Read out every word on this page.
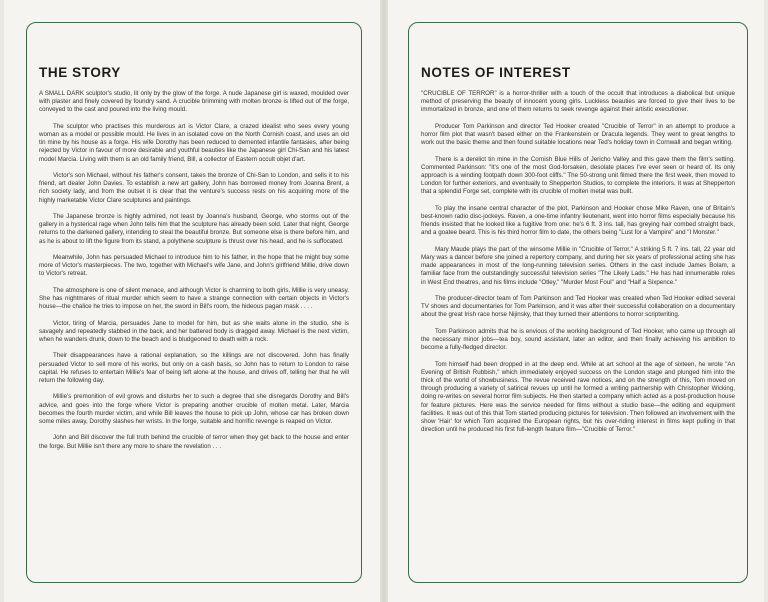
THE STORY

A SMALL DARK sculptor's studio, lit only by the glow of the forge. A nude Japanese girl is waxed, moulded over with plaster and finely covered by foundry sand. A crucible brimming with molten bronze is lifted out of the forge, conveyed to the cast and poured into the living mould.

The sculptor who practises this murderous art is Victor Clare, a crazed idealist who sees every young woman as a model or possible mould. He lives in an isolated cove on the North Cornish coast, and uses an old tin mine by his house as a forge. His wife Dorothy has been reduced to demented infantile fantasies, after being rejected by Victor in favour of more desirable and youthful beauties like the Japanese girl Chi-San and his latest model Marcia. Living with them is an old family friend, Bill, a collector of Eastern occult objet d'art.

Victor's son Michael, without his father's consent, takes the bronze of Chi-San to London, and sells it to his friend, art dealer John Davies. To establish a new art gallery, John has borrowed money from Joanna Brent, a rich society lady, and from the outset it is clear that the venture's success rests on his acquiring more of the highly marketable Victor Clare sculptures and paintings.

The Japanese bronze is highly admired, not least by Joanna's husband, George, who storms out of the gallery in a hysterical rage when John tells him that the sculpture has already been sold. Later that night, George returns to the darkened gallery, intending to steal the beautiful bronze. But someone else is there before him, and as he is about to lift the figure from its stand, a polythene sculpture is thrust over his head, and he is suffocated.

Meanwhile, John has persuaded Michael to introduce him to his father, in the hope that he might buy some more of Victor's masterpieces. The two, together with Michael's wife Jane, and John's girlfriend Millie, drive down to Victor's retreat.

The atmosphere is one of silent menace, and although Victor is charming to both girls, Millie is very uneasy. She has nightmares of ritual murder which seem to have a strange connection with certain objects in Victor's house—the chalice he tries to impose on her, the sword in Bill's room, the hideous pagan mask . . . .

Victor, tiring of Marcia, persuades Jane to model for him, but as she waits alone in the studio, she is savagely and repeatedly stabbed in the back, and her battered body is dragged away. Michael is the next victim, when he wanders drunk, down to the beach and is bludgeoned to death with a rock.

Their disappearances have a rational explanation, so the killings are not discovered. John has finally persuaded Victor to sell more of his works, but only on a cash basis, so John has to return to London to raise capital. He refuses to entertain Millie's fear of being left alone at the house, and drives off, telling her that he will return the following day.

Millie's premonition of evil grows and disturbs her to such a degree that she disregards Dorothy and Bill's advice, and goes into the forge where Victor is preparing another crucible of molten metal. Later, Marcia becomes the fourth murder victim, and while Bill leaves the house to pick up John, whose car has broken down some miles away, Dorothy slashes her wrists. In the forge, suitable and horrific revenge is reaped on Victor.

John and Bill discover the full truth behind the crucible of terror when they get back to the house and enter the forge. But Millie isn't there any more to share the revelation . . .

NOTES OF INTEREST

"CRUCIBLE OF TERROR" is a horror-thriller with a touch of the occult that introduces a diabolical but unique method of preserving the beauty of innocent young girls. Luckless beauties are forced to give their lives to be immortalized in bronze, and one of them returns to seek revenge against their artistic executioner.

Producer Tom Parkinson and director Ted Hooker created "Crucible of Terror" in an attempt to produce a horror film plot that wasn't based either on the Frankenstein or Dracula legends. They went to great lengths to work out the basic theme and then found suitable locations near Ted's holiday town in Cornwall and began writing.

There is a derelict tin mine in the Cornish Blue Hills of Jericho Valley and this gave them the film's setting. Commented Parkinson: "It's one of the most God-forsaken, desolate places I've ever seen or heard of. Its only approach is a winding footpath down 300-foot cliffs." The 50-strong unit filmed there the first week, then moved to London for further exteriors, and eventually to Shepperton Studios, to complete the interiors. It was at Shepperton that a splendid Forge set, complete with its crucible of molten metal was built.

To play the insane central character of the plot, Parkinson and Hooker chose Mike Raven, one of Britain's best-known radio disc-jockeys. Raven, a one-time infantry lieutenant, went into horror films especially because his friends insisted that he looked like a fugitive from one: he's 6 ft. 3 ins. tall, has greying hair combed straight back, and a goatee beard. This is his third horror film to date, the others being "Lust for a Vampire" and "I Monster."

Mary Maude plays the part of the winsome Millie in "Crucible of Terror." A striking 5 ft. 7 ins. tall, 22 year old Mary was a dancer before she joined a repertory company, and during her six years of professional acting she has made appearances in most of the long-running television series. Others in the cast include James Bolam, a familiar face from the outstandingly successful television series "The Likely Lads." He has had innumerable roles in West End theatres, and his films include "Otley," "Murder Most Foul" and "Half a Sixpence."

The producer-director team of Tom Parkinson and Ted Hooker was created when Ted Hooker edited several TV shows and documentaries for Tom Parkinson, and it was after their successful collaboration on a documentary about the great Irish race horse Nijinsky, that they turned their attentions to horror scriptwriting.

Tom Parkinson admits that he is envious of the working background of Ted Hooker, who came up through all the necessary minor jobs—tea boy, sound assistant, later an editor, and then finally achieving his ambition to become a fully-fledged director.

Tom himself had been dropped in at the deep end. While at art school at the age of sixteen, he wrote "An Evening of British Rubbish," which immediately enjoyed success on the London stage and plunged him into the thick of the world of showbusiness. The revue received rave notices, and on the strength of this, Tom moved on through producing a variety of satirical revues up until he formed a writing partnership with Christopher Wicking, doing re-writes on several horror film subjects. He then started a company which acted as a post-production house for feature pictures. Here was the service needed for films without a studio base—the editing and equipment facilities. It was out of this that Tom started producing pictures for television. Then followed an involvement with the show 'Hair' for which Tom acquired the European rights, but his over-riding interest in films kept pulling in that direction until he produced his first full-length feature film—"Crucible of Terror."
